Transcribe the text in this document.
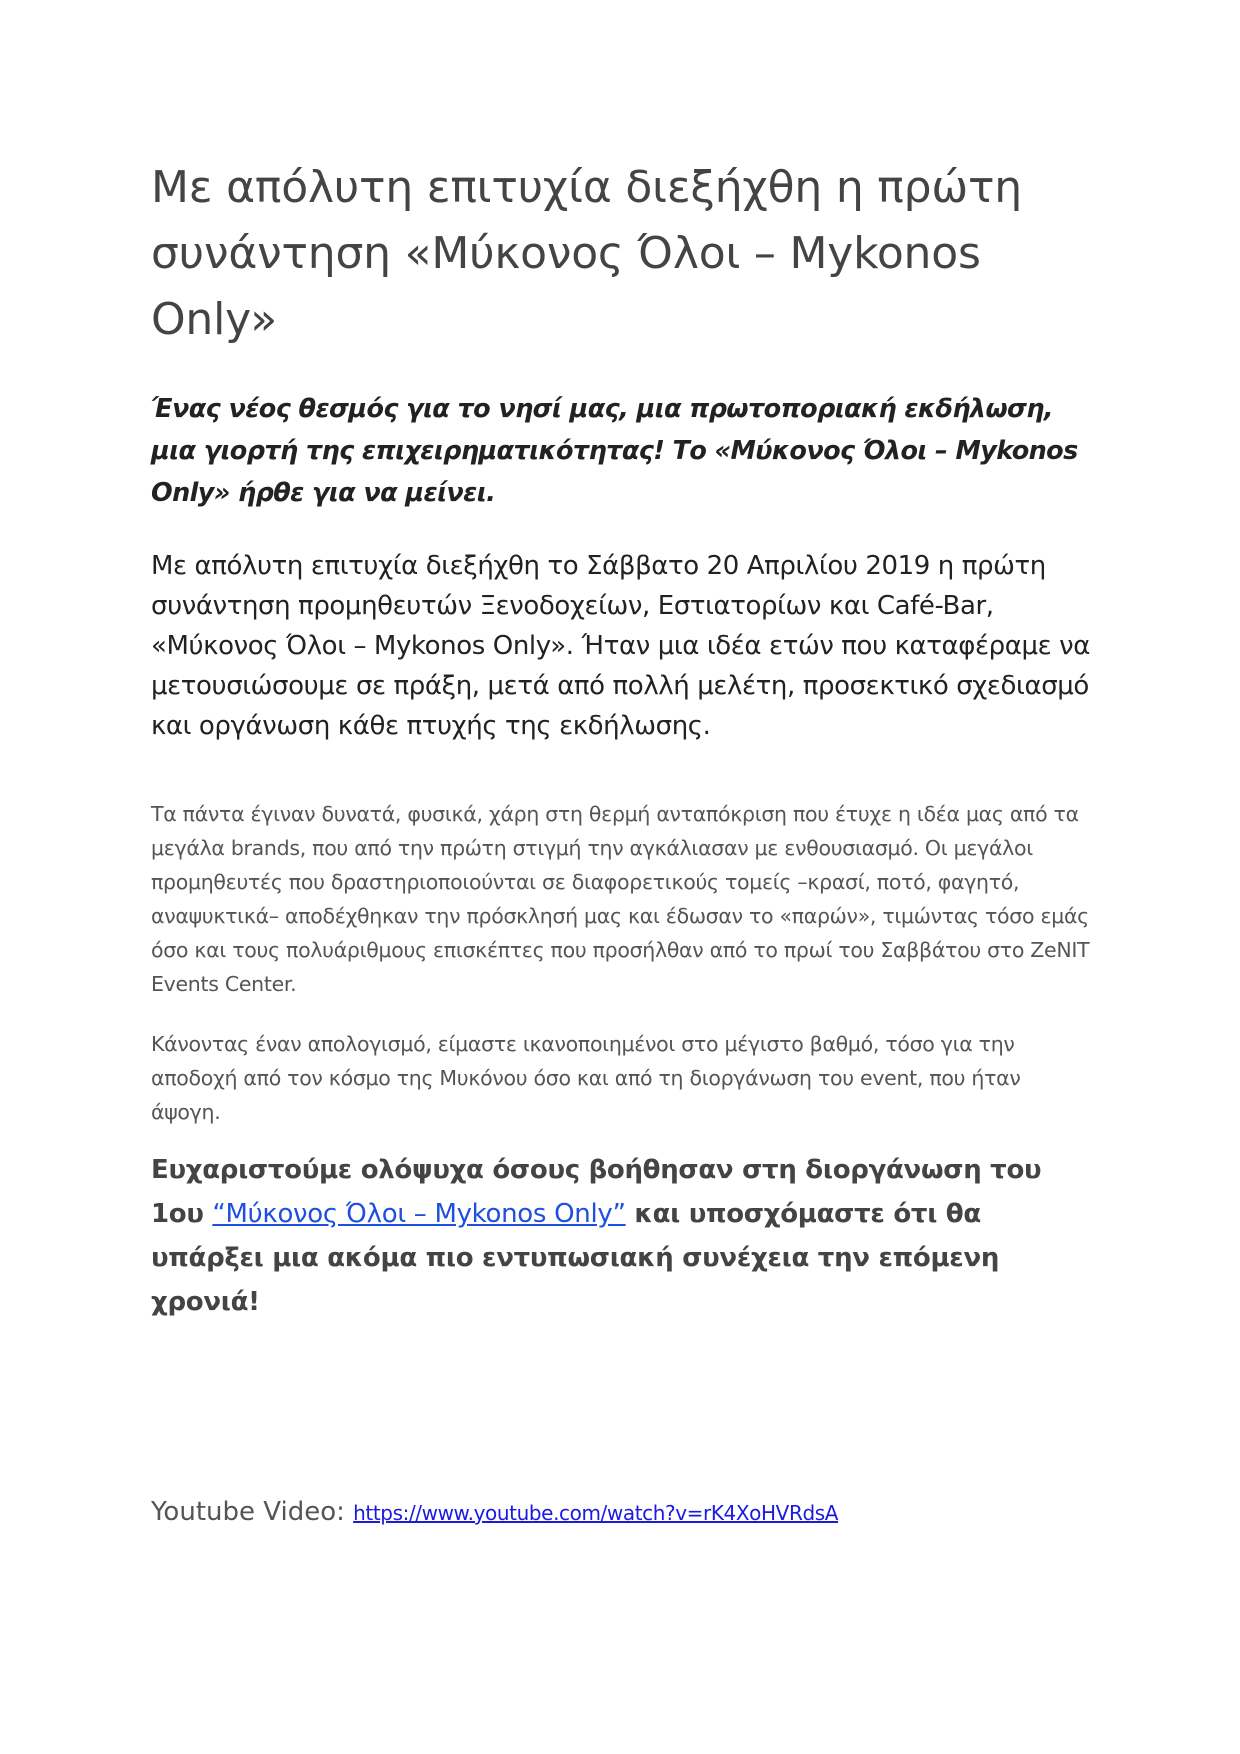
Με απόλυτη επιτυχία διεξήχθη η πρώτη
συνάντηση «Μύκονος Όλοι – Mykonos Only»

Ένας νέος θεσμός για το νησί μας, μια πρωτοποριακή εκδήλωση, μια γιορτή της επιχειρηματικότητας! Το «Μύκονος Όλοι – Mykonos Only» ήρθε για να μείνει.

Με απόλυτη επιτυχία διεξήχθη το Σάββατο 20 Απριλίου 2019 η πρώτη συνάντηση προμηθευτών Ξενοδοχείων, Εστιατορίων και Café-Bar, «Μύκονος Όλοι – Mykonos Only». Ήταν μια ιδέα ετών που καταφέραμε να μετουσιώσουμε σε πράξη, μετά από πολλή μελέτη, προσεκτικό σχεδιασμό και οργάνωση κάθε πτυχής της εκδήλωσης.

Τα πάντα έγιναν δυνατά, φυσικά, χάρη στη θερμή ανταπόκριση που έτυχε η ιδέα μας από τα μεγάλα brands, που από την πρώτη στιγμή την αγκάλιασαν με ενθουσιασμό. Οι μεγάλοι προμηθευτές που δραστηριοποιούνται σε διαφορετικούς τομείς –κρασί, ποτό, φαγητό, αναψυκτικά– αποδέχθηκαν την πρόσκλησή μας και έδωσαν το «παρών», τιμώντας τόσο εμάς όσο και τους πολυάριθμους επισκέπτες που προσήλθαν από το πρωί του Σαββάτου στο ZeNIT Events Center.

Κάνοντας έναν απολογισμό, είμαστε ικανοποιημένοι στο μέγιστο βαθμό, τόσο για την αποδοχή από τον κόσμο της Μυκόνου όσο και από τη διοργάνωση του event, που ήταν άψογη.

Ευχαριστούμε ολόψυχα όσους βοήθησαν στη διοργάνωση του 1ου “Μύκονος Όλοι – Mykonos Only” και υποσχόμαστε ότι θα υπάρξει μια ακόμα πιο εντυπωσιακή συνέχεια την επόμενη χρονιά!

Youtube Video: https://www.youtube.com/watch?v=rK4XoHVRdsA
